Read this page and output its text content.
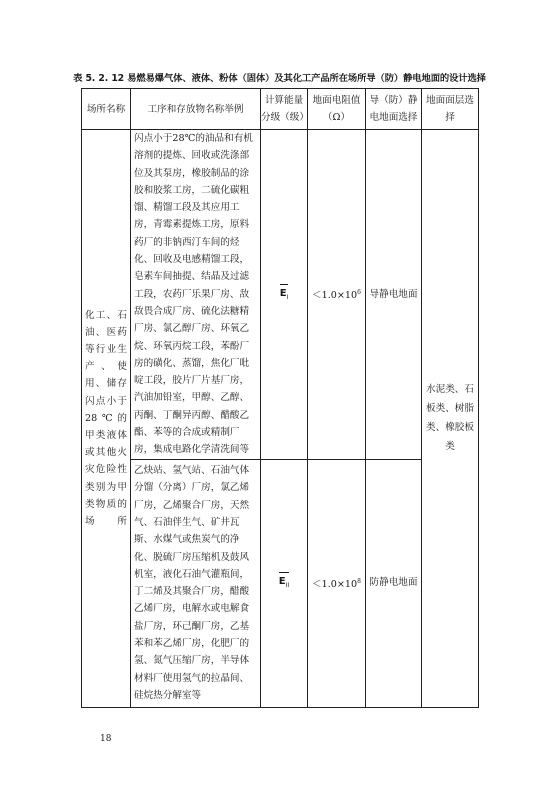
表 5. 2. 12 易燃易爆气体、液体、粉体（固体）及其化工产品所在场所导（防）静电地面的设计选择
场所名称	工序和存放物名称举例	计算能量分级（级）	地面电阻值（Ω）	导（防）静电地面选择	地面面层选择
化工、石油、医药等行业生产、使用、储存闪点小于28℃的甲类液体或其他火灾危险性类别为甲类物质的场所	闪点小于28℃的油品和有机溶剂的提炼、回收或洗涤部位及其泵房，橡胶制品的涂胶和胶浆工房，二硫化碳粗馏、精馏工段及其应用工房，青霉素提炼工房，原料药厂的非钠西汀车间的烃化、回收及电感精馏工段，皂素车间抽提、结晶及过滤工段，农药厂乐果厂房、敌敌畏合成厂房、硫化法糖精厂房、氯乙醇厂房、环氧乙烷、环氧丙烷工段，苯酚厂房的磺化、蒸馏，焦化厂吡啶工段，胶片厂片基厂房，汽油加铅室，甲醇、乙醇、丙酮、丁酮异丙醇、醋酸乙酯、苯等的合成或精制厂房，集成电路化学清洗间等	$E_I$	$<1.0\times 10^6$	导静电地面	水泥类、石板类、树脂类、橡胶板类
	乙炔站、氢气站、石油气体分馏（分离）厂房，氯乙烯厂房，乙烯聚合厂房，天然气、石油伴生气、矿井瓦斯、水煤气或焦炭气的净化、脱硫厂房压缩机及鼓风机室，液化石油气灌瓶间，丁二烯及其聚合厂房，醋酸乙烯厂房，电解水或电解食盐厂房，环己酮厂房，乙基苯和苯乙烯厂房，化肥厂的氢、氮气压缩厂房，半导体材料厂使用氢气的拉晶间、硅烷热分解室等	$E_{II}$	$<1.0\times 10^8$	防静电地面	
18
